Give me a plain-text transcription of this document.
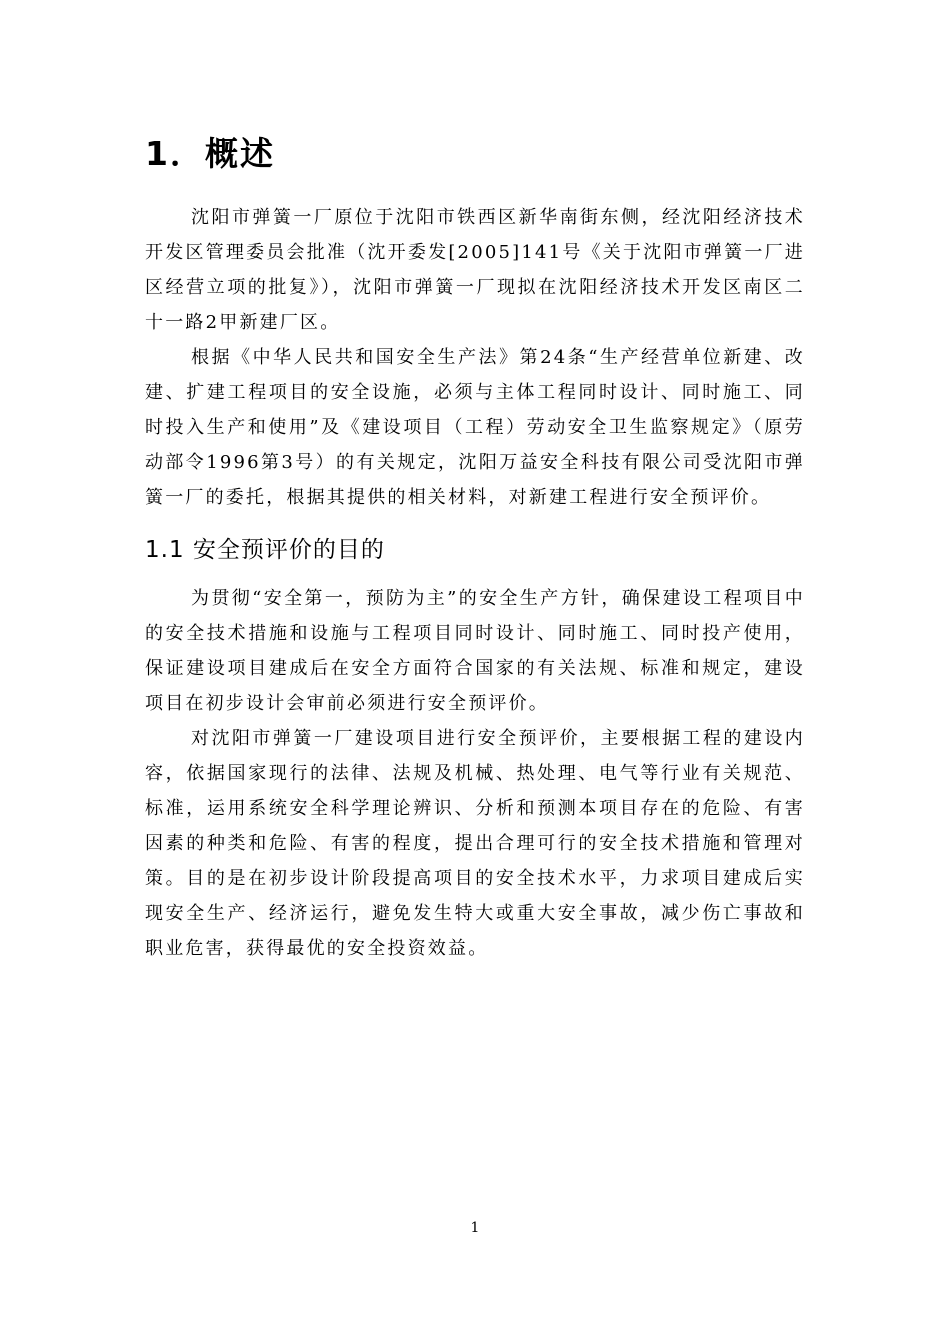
1．概述

沈阳市弹簧一厂原位于沈阳市铁西区新华南街东侧，经沈阳经济技术开发区管理委员会批准（沈开委发[2005]141号《关于沈阳市弹簧一厂进区经营立项的批复》），沈阳市弹簧一厂现拟在沈阳经济技术开发区南区二十一路2甲新建厂区。

根据《中华人民共和国安全生产法》第24条“生产经营单位新建、改建、扩建工程项目的安全设施，必须与主体工程同时设计、同时施工、同时投入生产和使用”及《建设项目（工程）劳动安全卫生监察规定》（原劳动部令1996第3号）的有关规定，沈阳万益安全科技有限公司受沈阳市弹簧一厂的委托，根据其提供的相关材料，对新建工程进行安全预评价。

1.1 安全预评价的目的

为贯彻“安全第一，预防为主”的安全生产方针，确保建设工程项目中的安全技术措施和设施与工程项目同时设计、同时施工、同时投产使用，保证建设项目建成后在安全方面符合国家的有关法规、标准和规定，建设项目在初步设计会审前必须进行安全预评价。

对沈阳市弹簧一厂建设项目进行安全预评价，主要根据工程的建设内容，依据国家现行的法律、法规及机械、热处理、电气等行业有关规范、标准，运用系统安全科学理论辨识、分析和预测本项目存在的危险、有害因素的种类和危险、有害的程度，提出合理可行的安全技术措施和管理对策。目的是在初步设计阶段提高项目的安全技术水平，力求项目建成后实现安全生产、经济运行，避免发生特大或重大安全事故，减少伤亡事故和职业危害，获得最优的安全投资效益。

1
